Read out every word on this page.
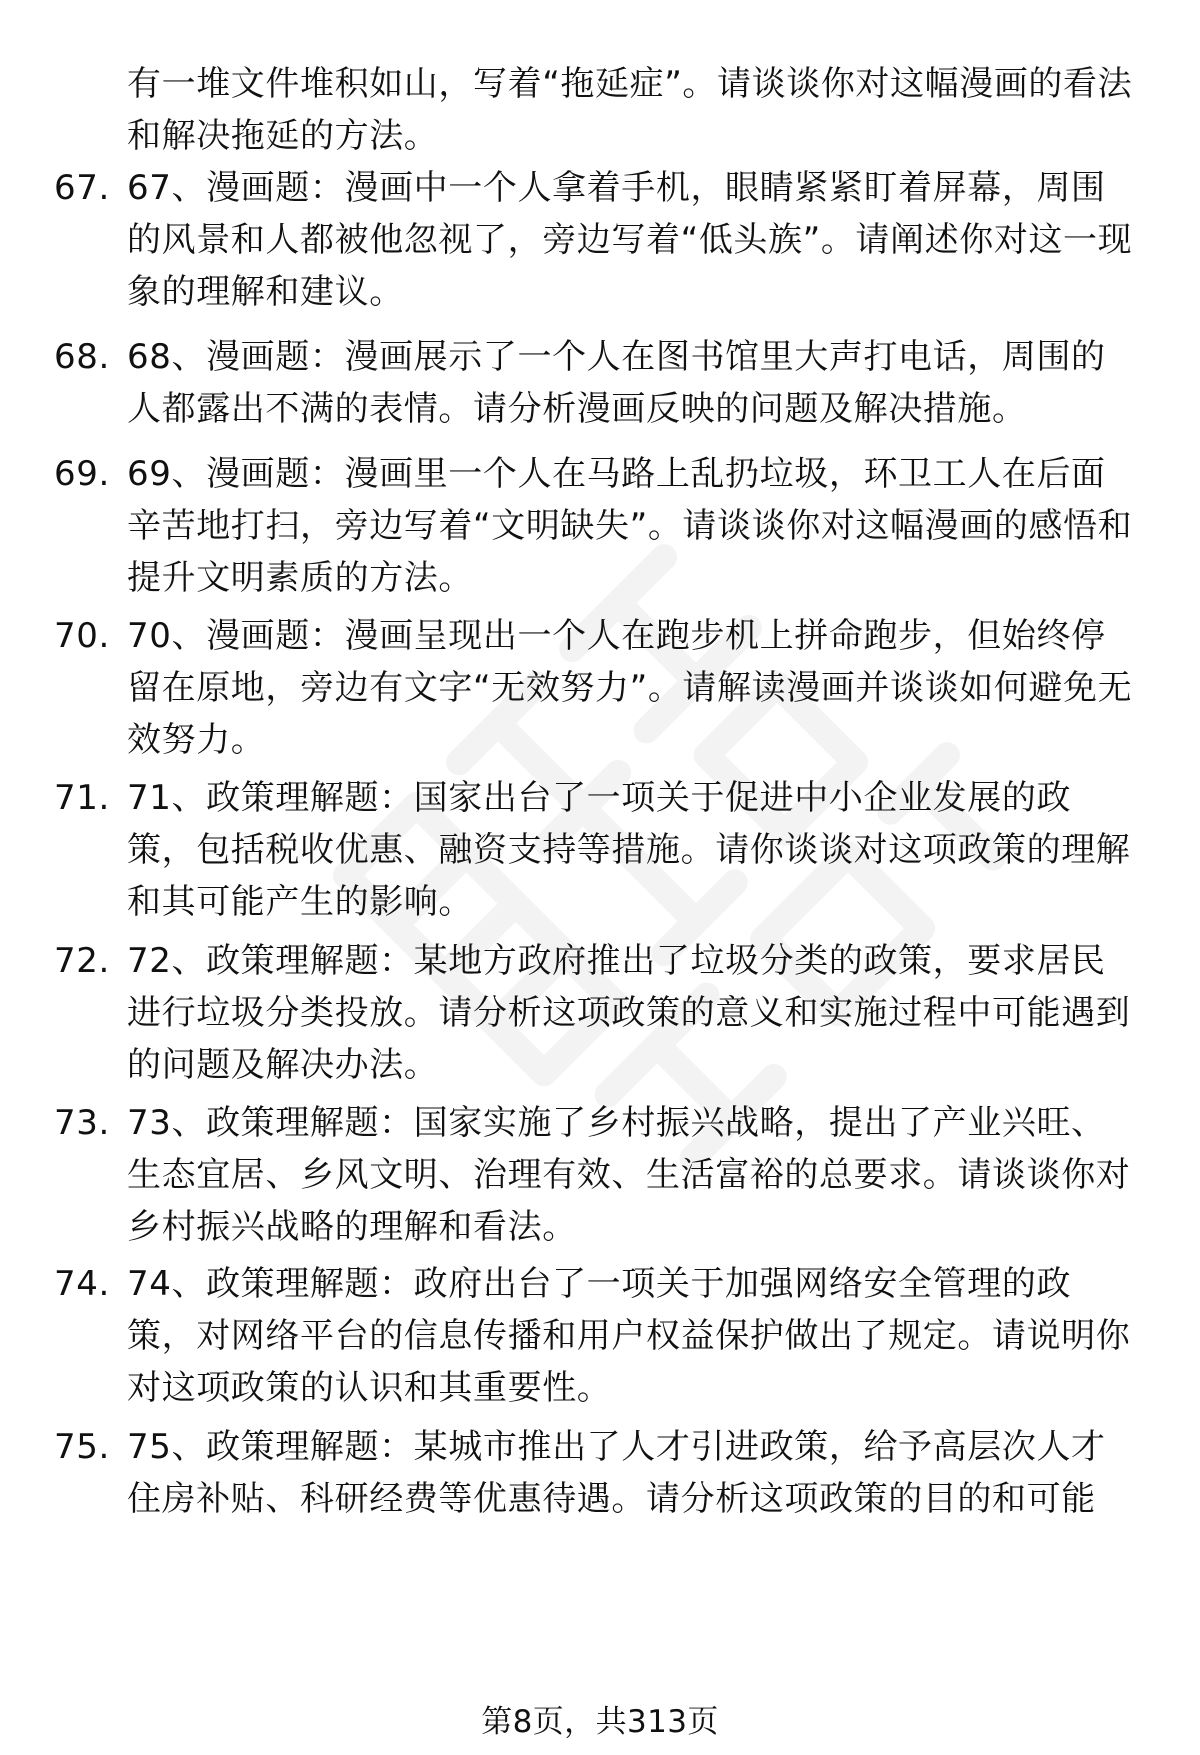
有一堆文件堆积如山，写着“拖延症”。请谈谈你对这幅漫画的看法和解决拖延的方法。
67. 67、漫画题：漫画中一个人拿着手机，眼睛紧紧盯着屏幕，周围的风景和人都被他忽视了，旁边写着“低头族”。请阐述你对这一现象的理解和建议。
68. 68、漫画题：漫画展示了一个人在图书馆里大声打电话，周围的人都露出不满的表情。请分析漫画反映的问题及解决措施。
69. 69、漫画题：漫画里一个人在马路上乱扔垃圾，环卫工人在后面辛苦地打扫，旁边写着“文明缺失”。请谈谈你对这幅漫画的感悟和提升文明素质的方法。
70. 70、漫画题：漫画呈现出一个人在跑步机上拼命跑步，但始终停留在原地，旁边有文字“无效努力”。请解读漫画并谈谈如何避免无效努力。
71. 71、政策理解题：国家出台了一项关于促进中小企业发展的政策，包括税收优惠、融资支持等措施。请你谈谈对这项政策的理解和其可能产生的影响。
72. 72、政策理解题：某地方政府推出了垃圾分类的政策，要求居民进行垃圾分类投放。请分析这项政策的意义和实施过程中可能遇到的问题及解决办法。
73. 73、政策理解题：国家实施了乡村振兴战略，提出了产业兴旺、生态宜居、乡风文明、治理有效、生活富裕的总要求。请谈谈你对乡村振兴战略的理解和看法。
74. 74、政策理解题：政府出台了一项关于加强网络安全管理的政策，对网络平台的信息传播和用户权益保护做出了规定。请说明你对这项政策的认识和其重要性。
75. 75、政策理解题：某城市推出了人才引进政策，给予高层次人才住房补贴、科研经费等优惠待遇。请分析这项政策的目的和可能
第8页，共313页
